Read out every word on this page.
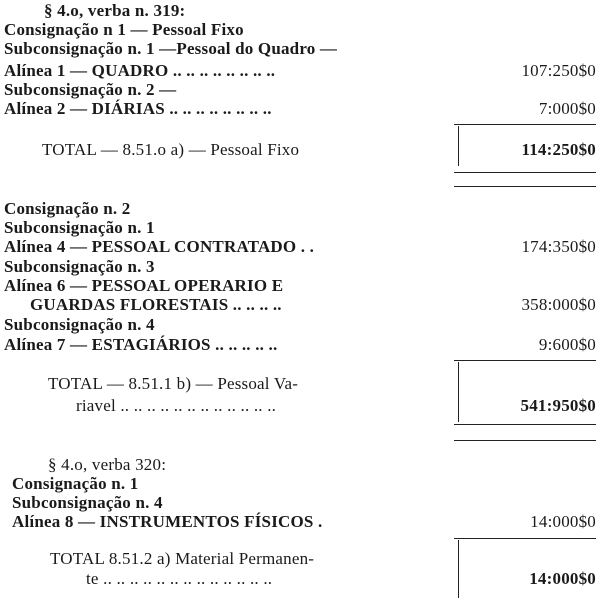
§ 4.o, verba n. 319:
Consignação n 1 — Pessoal Fixo
Subconsignação n. 1 —Pessoal do Quadro —
Alínea 1 — QUADRO .. .. .. .. .. .. .. ..	107:250$0
Subconsignação n. 2 —
Alínea 2 — DIÁRIAS .. .. .. .. .. .. .. ..	7:000$0
TOTAL — 8.51.o a) — Pessoal Fixo	114:250$0
Consignação n. 2
Subconsignação n. 1
Alínea 4 — PESSOAL CONTRATADO . .	174:350$0
Subconsignação n. 3
Alínea 6 — PESSOAL OPERARIO E
GUARDAS FLORESTAIS .. .. .. ..	358:000$0
Subconsignação n. 4
Alínea 7 — ESTAGIÁRIOS .. .. .. .. ..	9:600$0
TOTAL — 8.51.1 b) — Pessoal Va-
riavel .. .. .. .. .. .. .. .. .. .. .. ..	541:950$0
§ 4.o, verba 320:
Consignação n. 1
Subconsignação n. 4
Alínea 8 — INSTRUMENTOS FÍSICOS .	14:000$0
TOTAL 8.51.2 a) Material Permanen-
te .. .. .. .. .. .. .. .. .. .. .. .. ..	14:000$0
